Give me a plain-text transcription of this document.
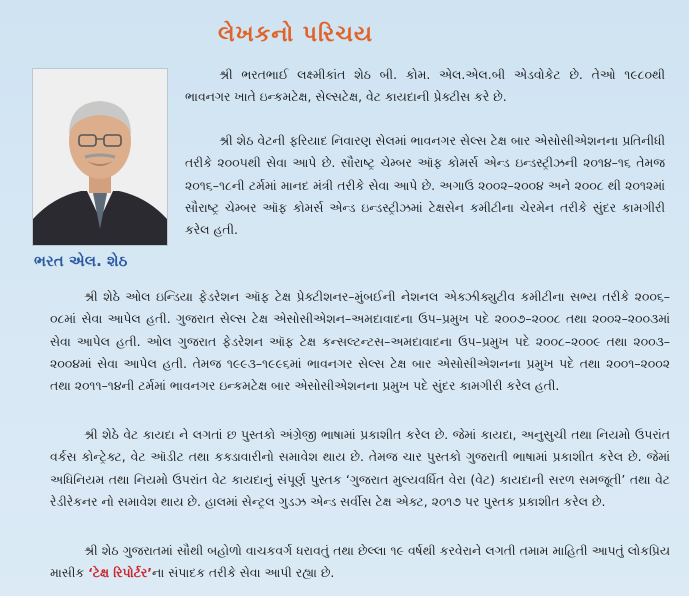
લેખકનો પરિચય
ભરત એલ. શેઠ

શ્રી ભરતભાઈ લક્ષ્મીકાંત શેઠ બી. કોમ. એલ.એલ.બી એડવોકેટ છે. તેઓ ૧૯૮૦થી ભાવનગર ખાતે ઇન્કમટેક્ષ, સેલ્સટેક્ષ, વેટ કાયદાની પ્રેક્ટીસ કરે છે.

શ્રી શેઠ વેટની ફરિયાદ નિવારણ સેલમાં ભાવનગર સેલ્સ ટેક્ષ બાર એસોસીએશનના પ્રતિનીધી તરીકે ૨૦૦૫થી સેવા આપે છે. સૌરાષ્ટ્ર ચેમ્બર ઑફ કોમર્સ એન્ડ ઇન્ડસ્ટ્રીઝની ૨૦૧૪–૧૬ તેમજ ૨૦૧૬–૧૮ની ટર્મમાં માનદ મંત્રી તરીકે સેવા આપે છે. અગાઉ ૨૦૦૨–૨૦૦૪ અને ૨૦૦૮ થી ૨૦૧૨માં સૌરાષ્ટ્ર ચેમ્બર ઑફ કોમર્સ એન્ડ ઇન્ડસ્ટ્રીઝમાં ટેક્ષસેન કમીટીના ચેરમેન તરીકે સુંદર કામગીરી કરેલ હતી.

શ્રી શેઠે ઓલ ઇન્ડિયા ફેડરેશન ઑફ ટેક્ષ પ્રેક્ટીશનર–મુંબઈની નેશનલ એક્ઝીક્યુટીવ કમીટીના સભ્ય તરીકે ૨૦૦૬–૦૮માં સેવા આપેલ હતી. ગુજરાત સેલ્સ ટેક્ષ એસોસીએશન–અમદાવાદના ઉપ–પ્રમુખ પદે ૨૦૦૭–૨૦૦૮ તથા ૨૦૦૨–૨૦૦૩માં સેવા આપેલ હતી. ઓલ ગુજરાત ફેડરેશન ઑફ ટેક્ષ કન્સલ્ટન્ટસ–અમદાવાદના ઉપ–પ્રમુખ પદે ૨૦૦૮–૨૦૦૯ તથા ૨૦૦૩–૨૦૦૪માં સેવા આપેલ હતી. તેમજ ૧૯૯૩–૧૯૯૬માં ભાવનગર સેલ્સ ટેક્ષ બાર એસોસીએશનના પ્રમુખ પદે તથા ૨૦૦૧–૨૦૦૨ તથા ૨૦૧૧–૧૪ની ટર્મમાં ભાવનગર ઇન્કમટેક્ષ બાર એસોસીએશનના પ્રમુખ પદે સુંદર કામગીરી કરેલ હતી.

શ્રી શેઠે વેટ કાયદા ને લગતાં છ પુસ્તકો અંગ્રેજી ભાષામાં પ્રકાશીત કરેલ છે. જેમાં કાયદા, અનુસુચી તથા નિયમો ઉપરાંત વર્કસ કોન્ટ્રેક્ટ, વેટ ઑડીટ તથા કક્ડાવારીનો સમાવેશ થાય છે. તેમજ ચાર પુસ્તકો ગુજરાતી ભાષામાં પ્રકાશીત કરેલ છે. જેમાં અધિનિયમ તથા નિયમો ઉપરાંત વેટ કાયદાનું સંપૂર્ણ પુસ્તક ‘ગુજરાત મુલ્યવર્ધિત વેરા (વેટ) કાયદાની સરળ સમજૂતી’ તથા વેટ રેડીરેકનર નો સમાવેશ થાય છે. હાલમાં સેન્ટ્રલ ગુડઝ એન્ડ સર્વીસ ટેક્ષ એક્ટ, ૨૦૧૭ પર પુસ્તક પ્રકાશીત કરેલ છે.

શ્રી શેઠ ગુજરાતમાં સૌથી બહોળો વાચકવર્ગ ધરાવતું તથા છેલ્લા ૧૯ વર્ષથી કરવેરાને લગતી તમામ માહિતી આપતું લોકપ્રિય માસીક ‘ટેક્ષ રિપોર્ટર’ના સંપાદક તરીકે સેવા આપી રહ્યા છે.
